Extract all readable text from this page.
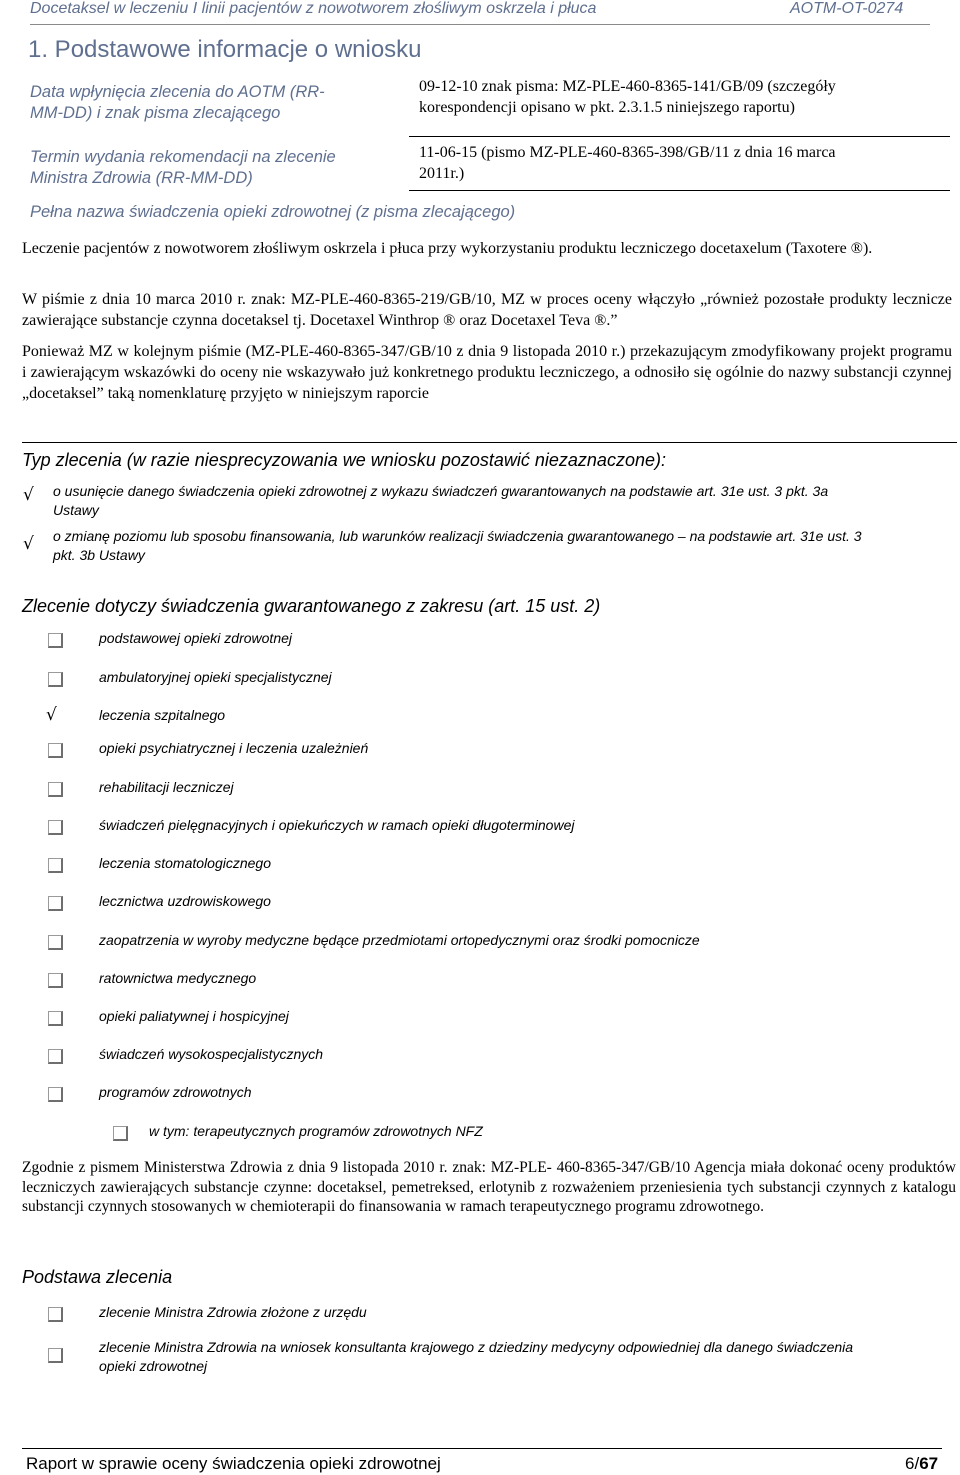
Docetaksel w leczeniu I linii pacjentów z nowotworem złośliwym oskrzela i płuca	AOTM-OT-0274
1. Podstawowe informacje o wniosku
Data wpłynięcia zlecenia do AOTM (RR-
MM-DD) i znak pisma zlecającego
09-12-10 znak pisma: MZ-PLE-460-8365-141/GB/09 (szczegóły
korespondencji opisano w pkt. 2.3.1.5 niniejszego raportu)
Termin wydania rekomendacji na zlecenie
Ministra Zdrowia (RR-MM-DD)
11-06-15 (pismo MZ-PLE-460-8365-398/GB/11 z dnia 16 marca
2011r.)
Pełna nazwa świadczenia opieki zdrowotnej (z pisma zlecającego)
Leczenie pacjentów z nowotworem złośliwym oskrzela i płuca przy wykorzystaniu produktu leczniczego docetaxelum (Taxotere ®).
W piśmie z dnia 10 marca 2010 r. znak: MZ-PLE-460-8365-219/GB/10, MZ w proces oceny włączyło „również pozostałe produkty lecznicze zawierające substancje czynna docetaksel tj. Docetaxel Winthrop ® oraz Docetaxel Teva ®.”
Ponieważ MZ w kolejnym piśmie (MZ-PLE-460-8365-347/GB/10 z dnia 9 listopada 2010 r.) przekazującym zmodyfikowany projekt programu i zawierającym wskazówki do oceny nie wskazywało już konkretnego produktu leczniczego, a odnosiło się ogólnie do nazwy substancji czynnej „docetaksel” taką nomenklaturę przyjęto w niniejszym raporcie
Typ zlecenia (w razie niesprecyzowania we wniosku pozostawić niezaznaczone):
√ o usunięcie danego świadczenia opieki zdrowotnej z wykazu świadczeń gwarantowanych na podstawie art. 31e ust. 3 pkt. 3a
Ustawy
√ o zmianę poziomu lub sposobu finansowania, lub warunków realizacji świadczenia gwarantowanego – na podstawie art. 31e ust. 3
pkt. 3b Ustawy
Zlecenie dotyczy świadczenia gwarantowanego z zakresu (art. 15 ust. 2)
podstawowej opieki zdrowotnej
ambulatoryjnej opieki specjalistycznej
√	leczenia szpitalnego
opieki psychiatrycznej i leczenia uzależnień
rehabilitacji leczniczej
świadczeń pielęgnacyjnych i opiekuńczych w ramach opieki długoterminowej
leczenia stomatologicznego
lecznictwa uzdrowiskowego
zaopatrzenia w wyroby medyczne będące przedmiotami ortopedycznymi oraz środki pomocnicze
ratownictwa medycznego
opieki paliatywnej i hospicyjnej
świadczeń wysokospecjalistycznych
programów zdrowotnych
w tym: terapeutycznych programów zdrowotnych NFZ
Zgodnie z pismem Ministerstwa Zdrowia z dnia 9 listopada 2010 r. znak: MZ-PLE- 460-8365-347/GB/10 Agencja miała dokonać oceny produktów leczniczych zawierających substancje czynne: docetaksel, pemetreksed, erlotynib z rozważeniem przeniesienia tych substancji czynnych z katalogu substancji czynnych stosowanych w chemioterapii do finansowania w ramach terapeutycznego programu zdrowotnego.
Podstawa zlecenia
zlecenie Ministra Zdrowia złożone z urzędu
zlecenie Ministra Zdrowia na wniosek konsultanta krajowego z dziedziny medycyny odpowiedniej dla danego świadczenia
opieki zdrowotnej
Raport w sprawie oceny świadczenia opieki zdrowotnej	6/67
